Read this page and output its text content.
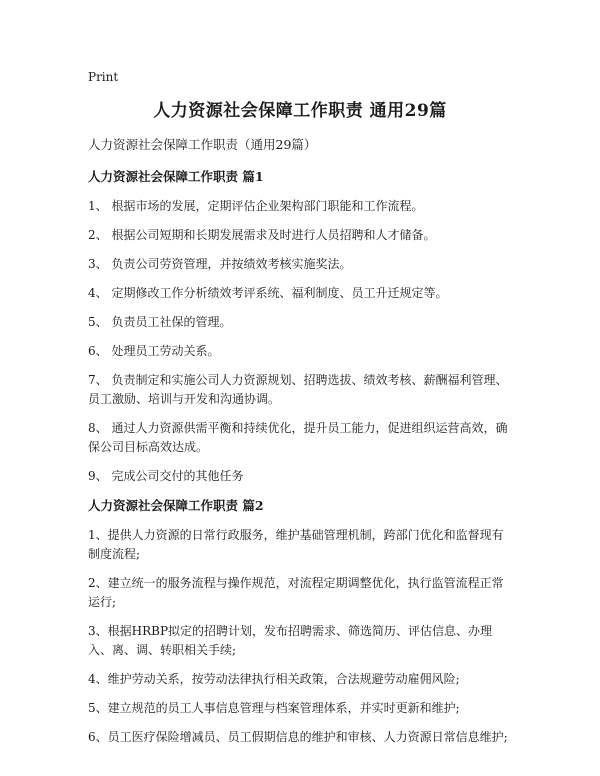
Print
人力资源社会保障工作职责 通用29篇
人力资源社会保障工作职责（通用29篇）
人力资源社会保障工作职责 篇1

1、 根据市场的发展，定期评估企业架构部门职能和工作流程。

2、 根据公司短期和长期发展需求及时进行人员招聘和人才储备。

3、 负责公司劳资管理，并按绩效考核实施奖法。

4、 定期修改工作分析绩效考评系统、福利制度、员工升迁规定等。

5、 负责员工社保的管理。

6、 处理员工劳动关系。

7、 负责制定和实施公司人力资源规划、招聘选拔、绩效考核、薪酬福利管理、员工激励、培训与开发和沟通协调。

8、 通过人力资源供需平衡和持续优化，提升员工能力，促进组织运营高效，确保公司目标高效达成。

9、 完成公司交付的其他任务

人力资源社会保障工作职责 篇2

1、提供人力资源的日常行政服务，维护基础管理机制，跨部门优化和监督现有制度流程;

2、建立统一的服务流程与操作规范，对流程定期调整优化，执行监管流程正常运行;

3、根据HRBP拟定的招聘计划，发布招聘需求、筛选简历、评估信息、办理入、离、调、转职相关手续;

4、维护劳动关系，按劳动法律执行相关政策，合法规避劳动雇佣风险;

5、建立规范的员工人事信息管理与档案管理体系，并实时更新和维护;

6、员工医疗保险增减员、员工假期信息的维护和审核、人力资源日常信息维护;
